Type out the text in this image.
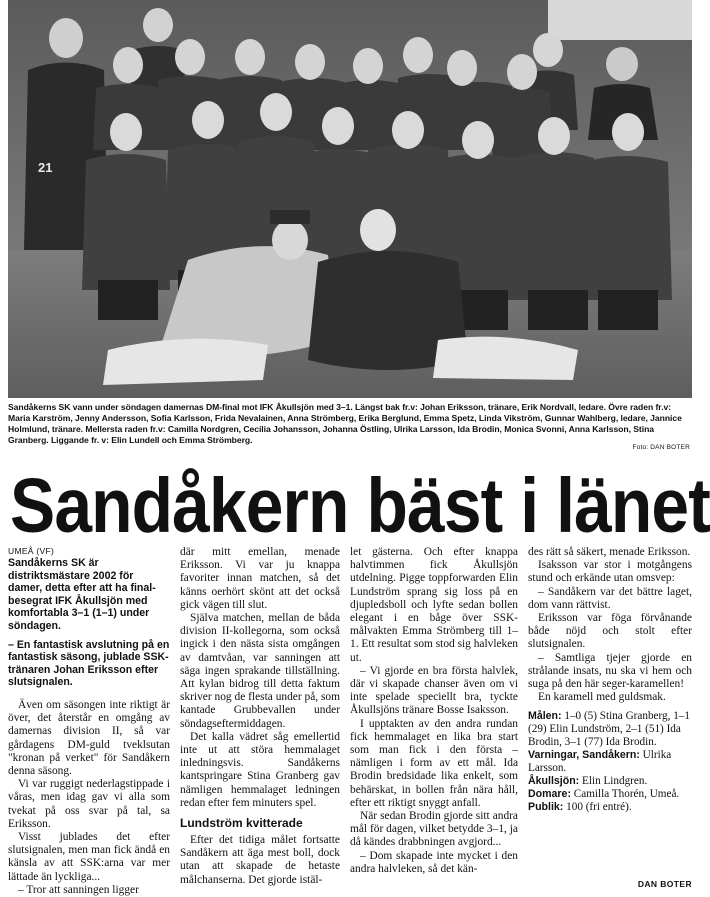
21
Sandåkerns SK vann under söndagen damernas DM-final mot IFK Åkullsjön med 3–1. Längst bak fr.v: Johan Eriksson, tränare, Erik Nordvall, ledare. Övre raden fr.v: Maria Karström, Jenny Andersson, Sofia Karlsson, Frida Nevalainen, Anna Strömberg, Erika Berglund, Emma Spetz, Linda Vikström, Gunnar Wahlberg, ledare, Jannice Holmlund, tränare. Mellersta raden fr.v: Camilla Nordgren, Cecilia Johansson, Johanna Östling, Ulrika Larsson, Ida Brodin, Monica Svonni, Anna Karlsson, Stina Granberg. Liggande fr. v: Elin Lundell och Emma Strömberg.
Foto: DAN BOTER
Sandåkern bäst i länet
UMEÅ (VF)
Sandåkerns SK är distriktsmästare 2002 för damer, detta efter att ha final-besegrat IFK Åkullsjön med komfortabla 3–1 (1–1) under söndagen.
– En fantastisk avslutning på en fantastisk säsong, jublade SSK-tränaren Johan Eriksson efter slutsignalen.

Även om säsongen inte riktigt är över, det återstår en omgång av damernas division II, så var gårdagens DM-guld tveklsutan "kronan på verket" för Sandåkern denna säsong.

Vi var ruggigt nederlagstippade i våras, men idag gav vi alla som tvekat på oss svar på tal, sa Eriksson.

Visst jublades det efter slutsignalen, men man fick ändå en känsla av att SSK:arna var mer lättade än lyckliga...

– Tror att sanningen ligger

där mitt emellan, menade Eriksson. Vi var ju knappa favoriter innan matchen, så det känns oerhört skönt att det också gick vägen till slut.

Själva matchen, mellan de båda division II-kollegorna, som också ingick i den nästa sista omgången av damtvåan, var sanningen att säga ingen sprakande tillställning. Att kylan bidrog till detta faktum skriver nog de flesta under på, som kantade Grubbevallen under söndagseftermiddagen.

Det kalla vädret såg emellertid inte ut att störa hemmalaget inledningsvis. Sandåkerns kantspringare Stina Granberg gav nämligen hemmalaget ledningen redan efter fem minuters spel.

Lundström kvitterade

Efter det tidiga målet fortsatte Sandåkern att äga mest boll, dock utan att skapade de hetaste målchanserna. Det gjorde istäl-

let gästerna. Och efter knappa halvtimmen fick Åkullsjön utdelning. Pigge toppforwarden Elin Lundström sprang sig loss på en djupledsboll och lyfte sedan bollen elegant i en båge över SSK-målvakten Emma Strömberg till 1–1. Ett resultat som stod sig halvleken ut.

– Vi gjorde en bra första halvlek, där vi skapade chanser även om vi inte spelade speciellt bra, tyckte Åkullsjöns tränare Bosse Isaksson.

I upptakten av den andra rundan fick hemmalaget en lika bra start som man fick i den första – nämligen i form av ett mål. Ida Brodin bredsidade lika enkelt, som behärskat, in bollen från nära håll, efter ett riktigt snyggt anfall.

När sedan Brodin gjorde sitt andra mål för dagen, vilket betydde 3–1, ja då kändes drabbningen avgjord...

– Dom skapade inte mycket i den andra halvleken, så det kän-

des rätt så säkert, menade Eriksson.

Isaksson var stor i motgångens stund och erkände utan omsvep:

– Sandåkern var det bättre laget, dom vann rättvist.

Eriksson var föga förvånande både nöjd och stolt efter slutsignalen.

– Samtliga tjejer gjorde en strålande insats, nu ska vi hem och suga på den här seger-karamellen!

En karamell med guldsmak.

Målen: 1–0 (5) Stina Granberg, 1–1 (29) Elin Lundström, 2–1 (51) Ida Brodin, 3–1 (77) Ida Brodin.
Varningar, Sandåkern: Ulrika Larsson.
Åkullsjön: Elin Lindgren.
Domare: Camilla Thorén, Umeå.
Publik: 100 (fri entré).
DAN BOTER
